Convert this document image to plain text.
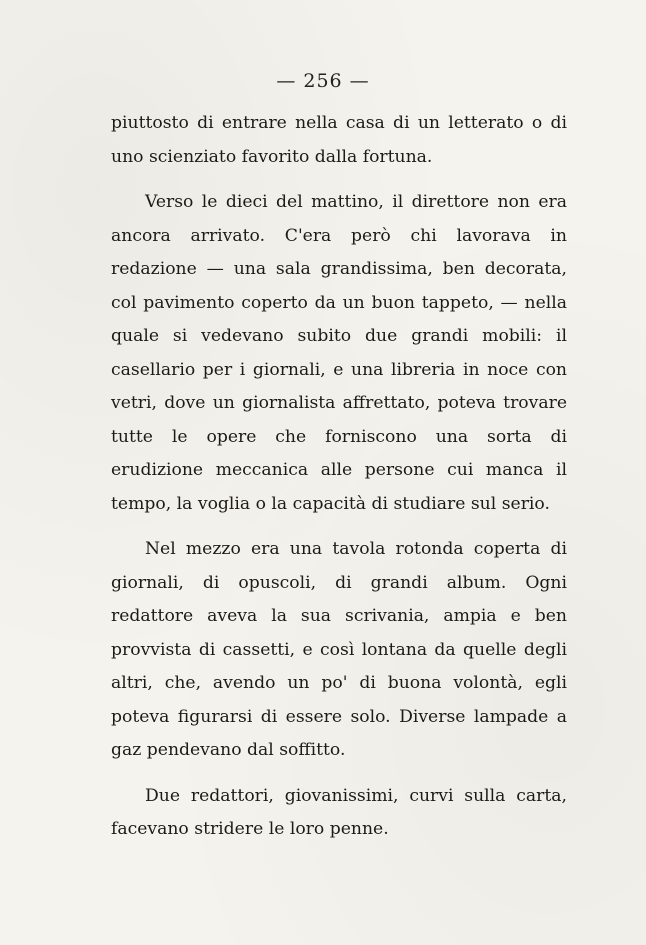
— 256 —

piuttosto di entrare nella casa di un letterato o di uno scienziato favorito dalla fortuna.

Verso le dieci del mattino, il direttore non era ancora arrivato. C'era però chi lavorava in redazione — una sala grandissima, ben decorata, col pavimento coperto da un buon tappeto, — nella quale si vedevano subito due grandi mobili: il casellario per i giornali, e una libreria in noce con vetri, dove un giornalista affrettato, poteva trovare tutte le opere che forniscono una sorta di erudizione meccanica alle persone cui manca il tempo, la voglia o la capacità di studiare sul serio.

Nel mezzo era una tavola rotonda coperta di giornali, di opuscoli, di grandi album. Ogni redattore aveva la sua scrivania, ampia e ben provvista di cassetti, e così lontana da quelle degli altri, che, avendo un po' di buona volontà, egli poteva figurarsi di essere solo. Diverse lampade a gaz pendevano dal soffitto.

Due redattori, giovanissimi, curvi sulla carta, facevano stridere le loro penne.
